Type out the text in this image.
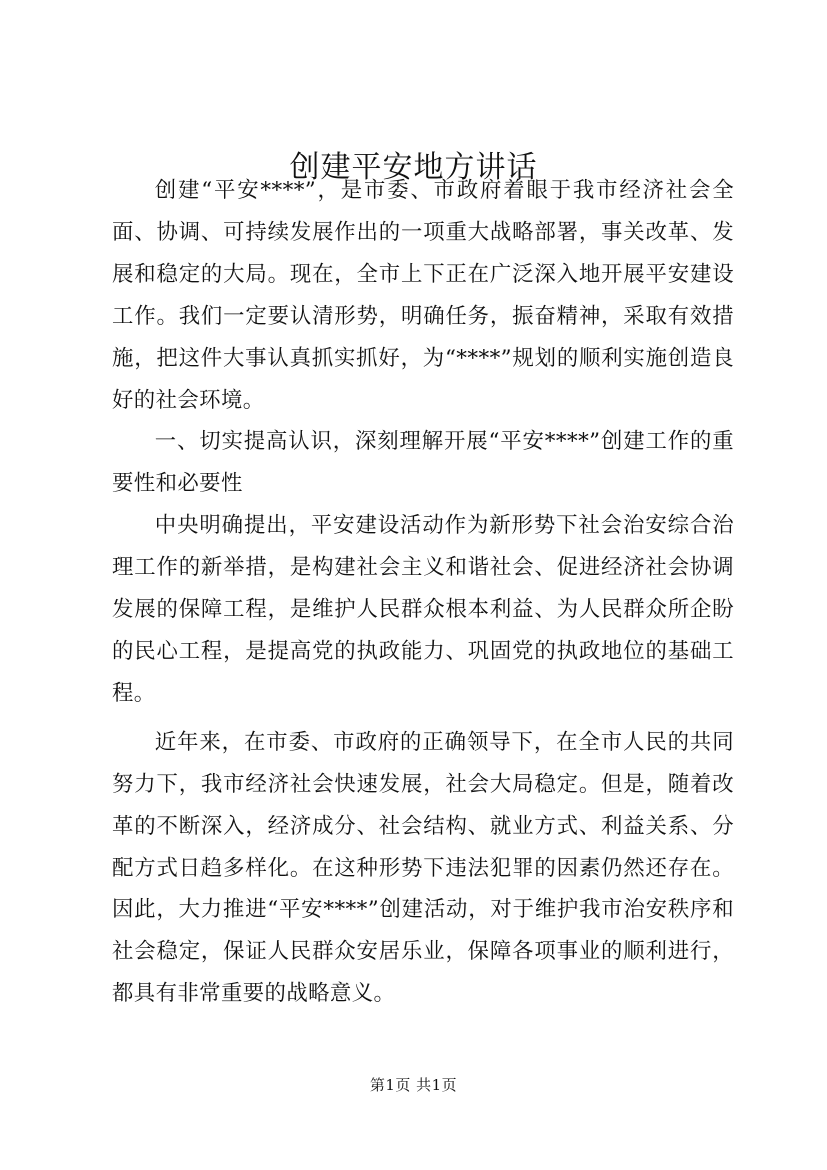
创建平安地方讲话

创建“平安****”，是市委、市政府着眼于我市经济社会全面、协调、可持续发展作出的一项重大战略部署，事关改革、发展和稳定的大局。现在，全市上下正在广泛深入地开展平安建设工作。我们一定要认清形势，明确任务，振奋精神，采取有效措施，把这件大事认真抓实抓好，为“****”规划的顺利实施创造良好的社会环境。

一、切实提高认识，深刻理解开展“平安****”创建工作的重要性和必要性

中央明确提出，平安建设活动作为新形势下社会治安综合治理工作的新举措，是构建社会主义和谐社会、促进经济社会协调发展的保障工程，是维护人民群众根本利益、为人民群众所企盼的民心工程，是提高党的执政能力、巩固党的执政地位的基础工程。

近年来，在市委、市政府的正确领导下，在全市人民的共同努力下，我市经济社会快速发展，社会大局稳定。但是，随着改革的不断深入，经济成分、社会结构、就业方式、利益关系、分配方式日趋多样化。在这种形势下违法犯罪的因素仍然还存在。因此，大力推进“平安****”创建活动，对于维护我市治安秩序和社会稳定，保证人民群众安居乐业，保障各项事业的顺利进行，都具有非常重要的战略意义。

第1页 共1页
